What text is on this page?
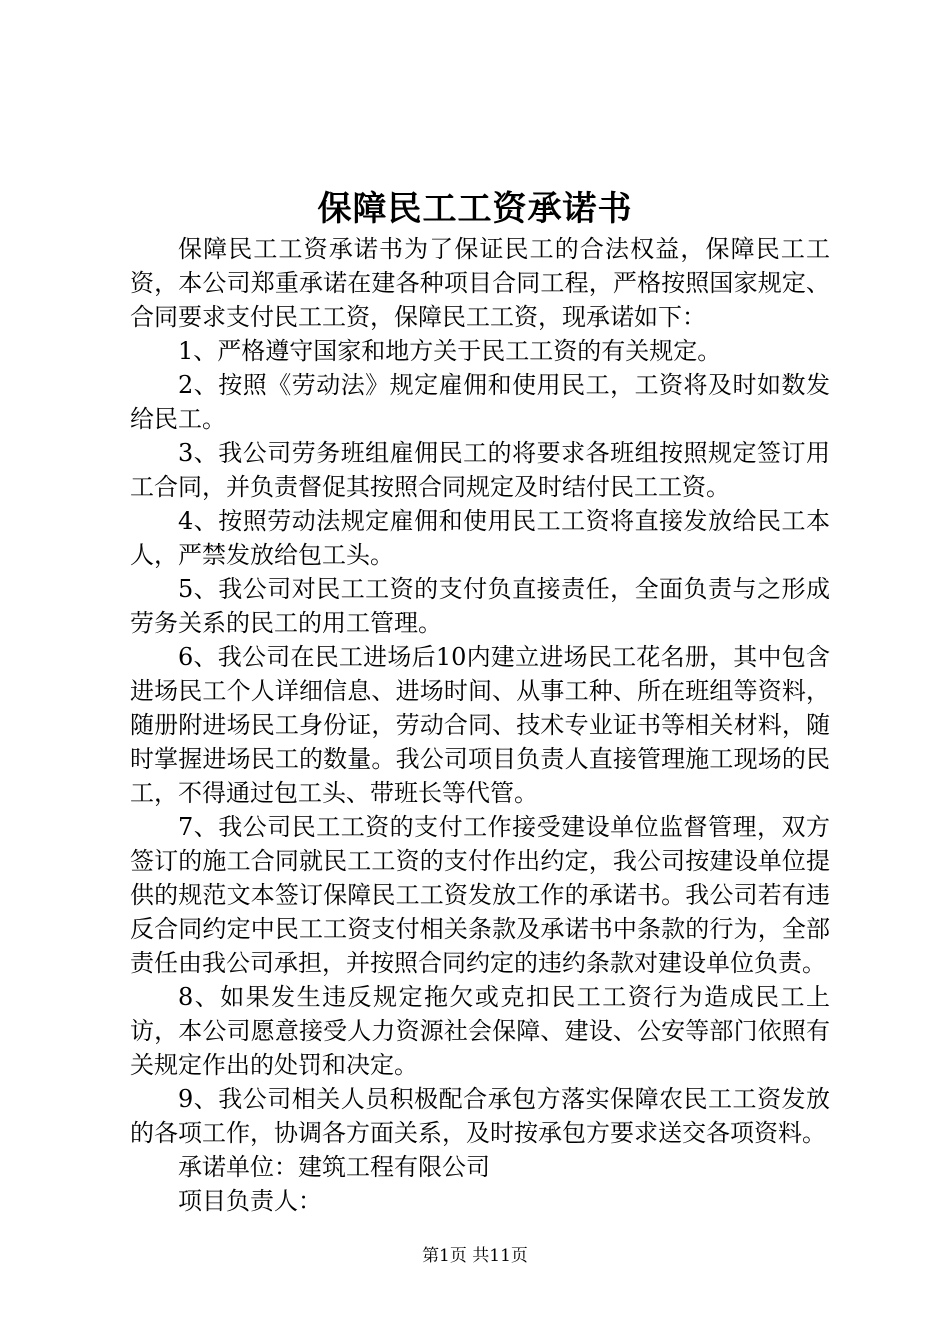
保障民工工资承诺书

保障民工工资承诺书为了保证民工的合法权益，保障民工工资，本公司郑重承诺在建各种项目合同工程，严格按照国家规定、合同要求支付民工工资，保障民工工资，现承诺如下：

1、严格遵守国家和地方关于民工工资的有关规定。

2、按照《劳动法》规定雇佣和使用民工，工资将及时如数发给民工。

3、我公司劳务班组雇佣民工的将要求各班组按照规定签订用工合同，并负责督促其按照合同规定及时结付民工工资。

4、按照劳动法规定雇佣和使用民工工资将直接发放给民工本人，严禁发放给包工头。

5、我公司对民工工资的支付负直接责任，全面负责与之形成劳务关系的民工的用工管理。

6、我公司在民工进场后10内建立进场民工花名册，其中包含进场民工个人详细信息、进场时间、从事工种、所在班组等资料，随册附进场民工身份证，劳动合同、技术专业证书等相关材料，随时掌握进场民工的数量。我公司项目负责人直接管理施工现场的民工，不得通过包工头、带班长等代管。

7、我公司民工工资的支付工作接受建设单位监督管理，双方签订的施工合同就民工工资的支付作出约定，我公司按建设单位提供的规范文本签订保障民工工资发放工作的承诺书。我公司若有违反合同约定中民工工资支付相关条款及承诺书中条款的行为，全部责任由我公司承担，并按照合同约定的违约条款对建设单位负责。

8、如果发生违反规定拖欠或克扣民工工资行为造成民工上访，本公司愿意接受人力资源社会保障、建设、公安等部门依照有关规定作出的处罚和决定。

9、我公司相关人员积极配合承包方落实保障农民工工资发放的各项工作，协调各方面关系，及时按承包方要求送交各项资料。

承诺单位：建筑工程有限公司

项目负责人：

第1页 共11页
